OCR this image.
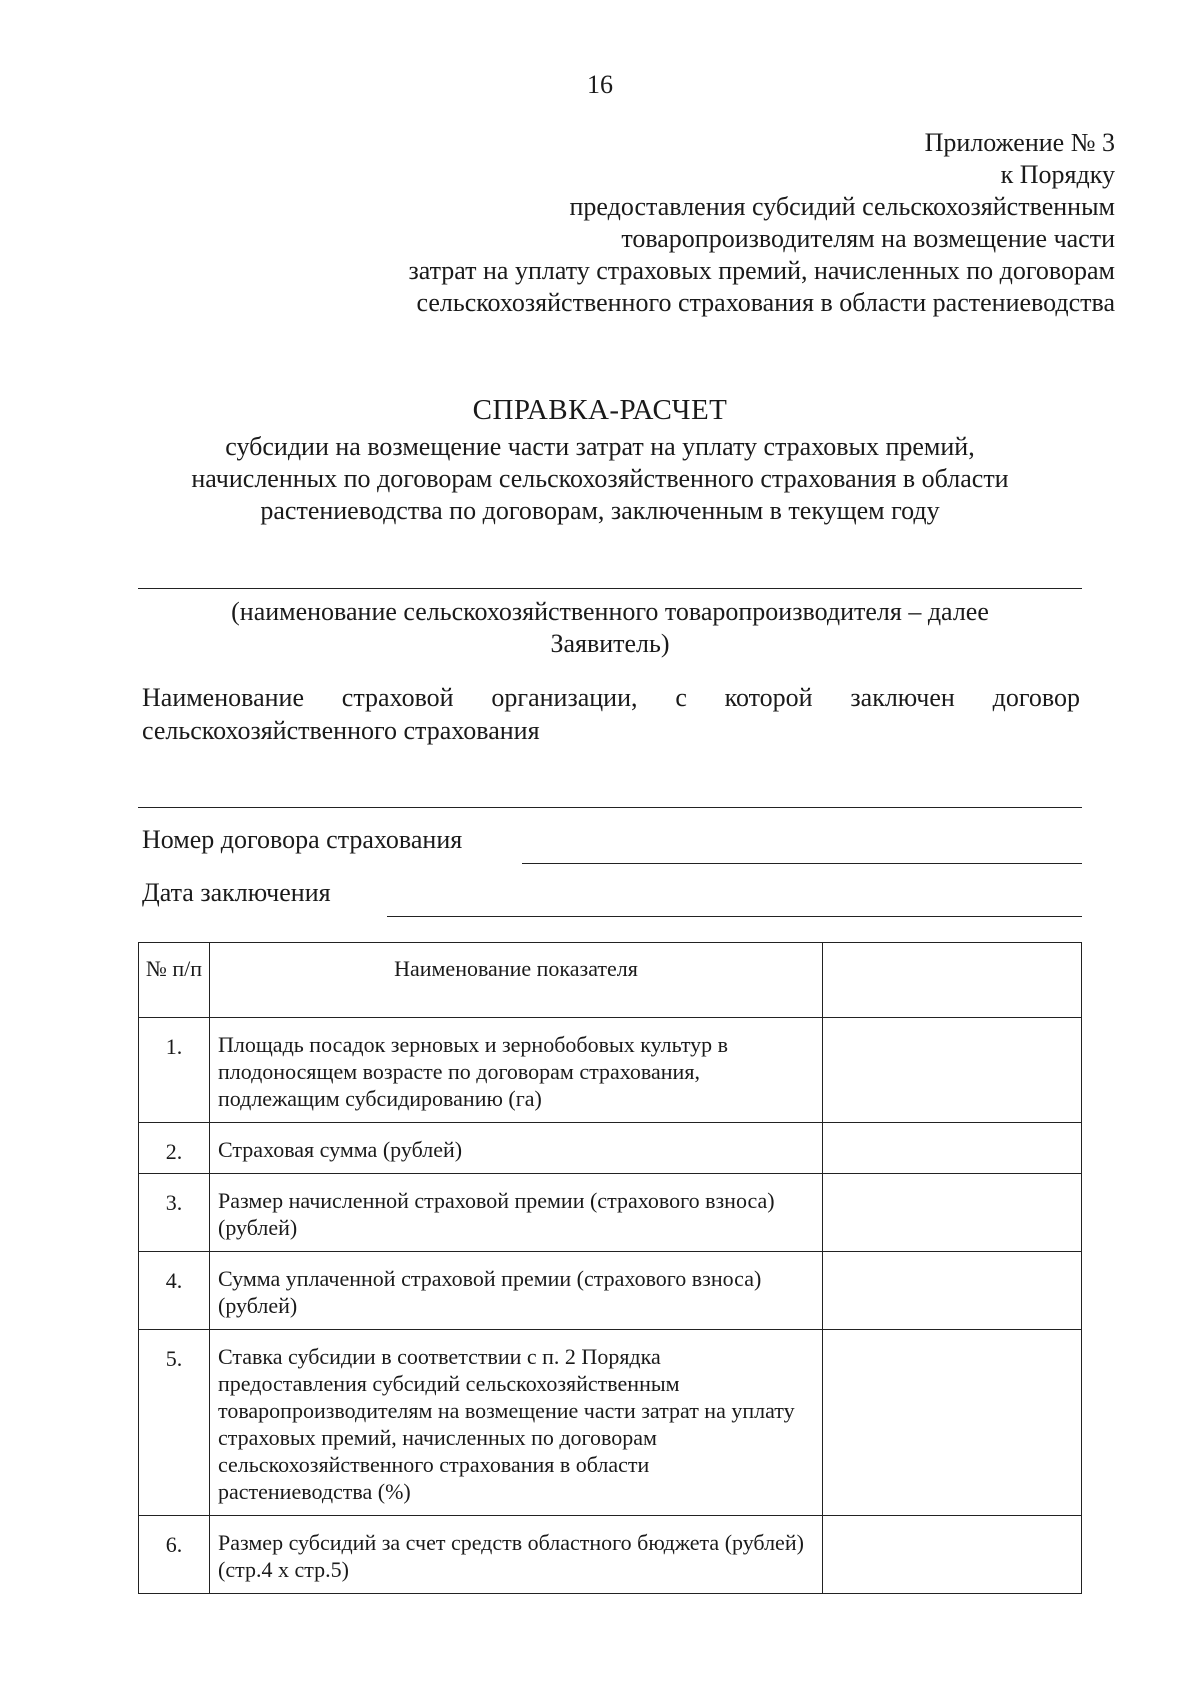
16
Приложение № 3
к Порядку
предоставления субсидий сельскохозяйственным
товаропроизводителям на возмещение части
затрат на уплату страховых премий, начисленных по договорам
сельскохозяйственного страхования в области растениеводства
СПРАВКА-РАСЧЕТ
субсидии на возмещение части затрат на уплату страховых премий,
начисленных по договорам сельскохозяйственного страхования в области
растениеводства по договорам, заключенным в текущем году
(наименование сельскохозяйственного товаропроизводителя – далее
Заявитель)
Наименование страховой организации, с которой заключен договор
сельскохозяйственного страхования
Номер договора страхования
Дата заключения
№ п/п	Наименование показателя	
1.	Площадь посадок зерновых и зернобобовых культур в плодоносящем возрасте по договорам страхования, подлежащим субсидированию (га)	
2.	Страховая сумма (рублей)	
3.	Размер начисленной страховой премии (страхового взноса) (рублей)	
4.	Сумма уплаченной страховой премии (страхового взноса) (рублей)	
5.	Ставка субсидии в соответствии с п. 2 Порядка предоставления субсидий сельскохозяйственным товаропроизводителям на возмещение части затрат на уплату страховых премий, начисленных по договорам сельскохозяйственного страхования в области растениеводства (%)	
6.	Размер субсидий за счет средств областного бюджета (рублей) (стр.4 х стр.5)	
